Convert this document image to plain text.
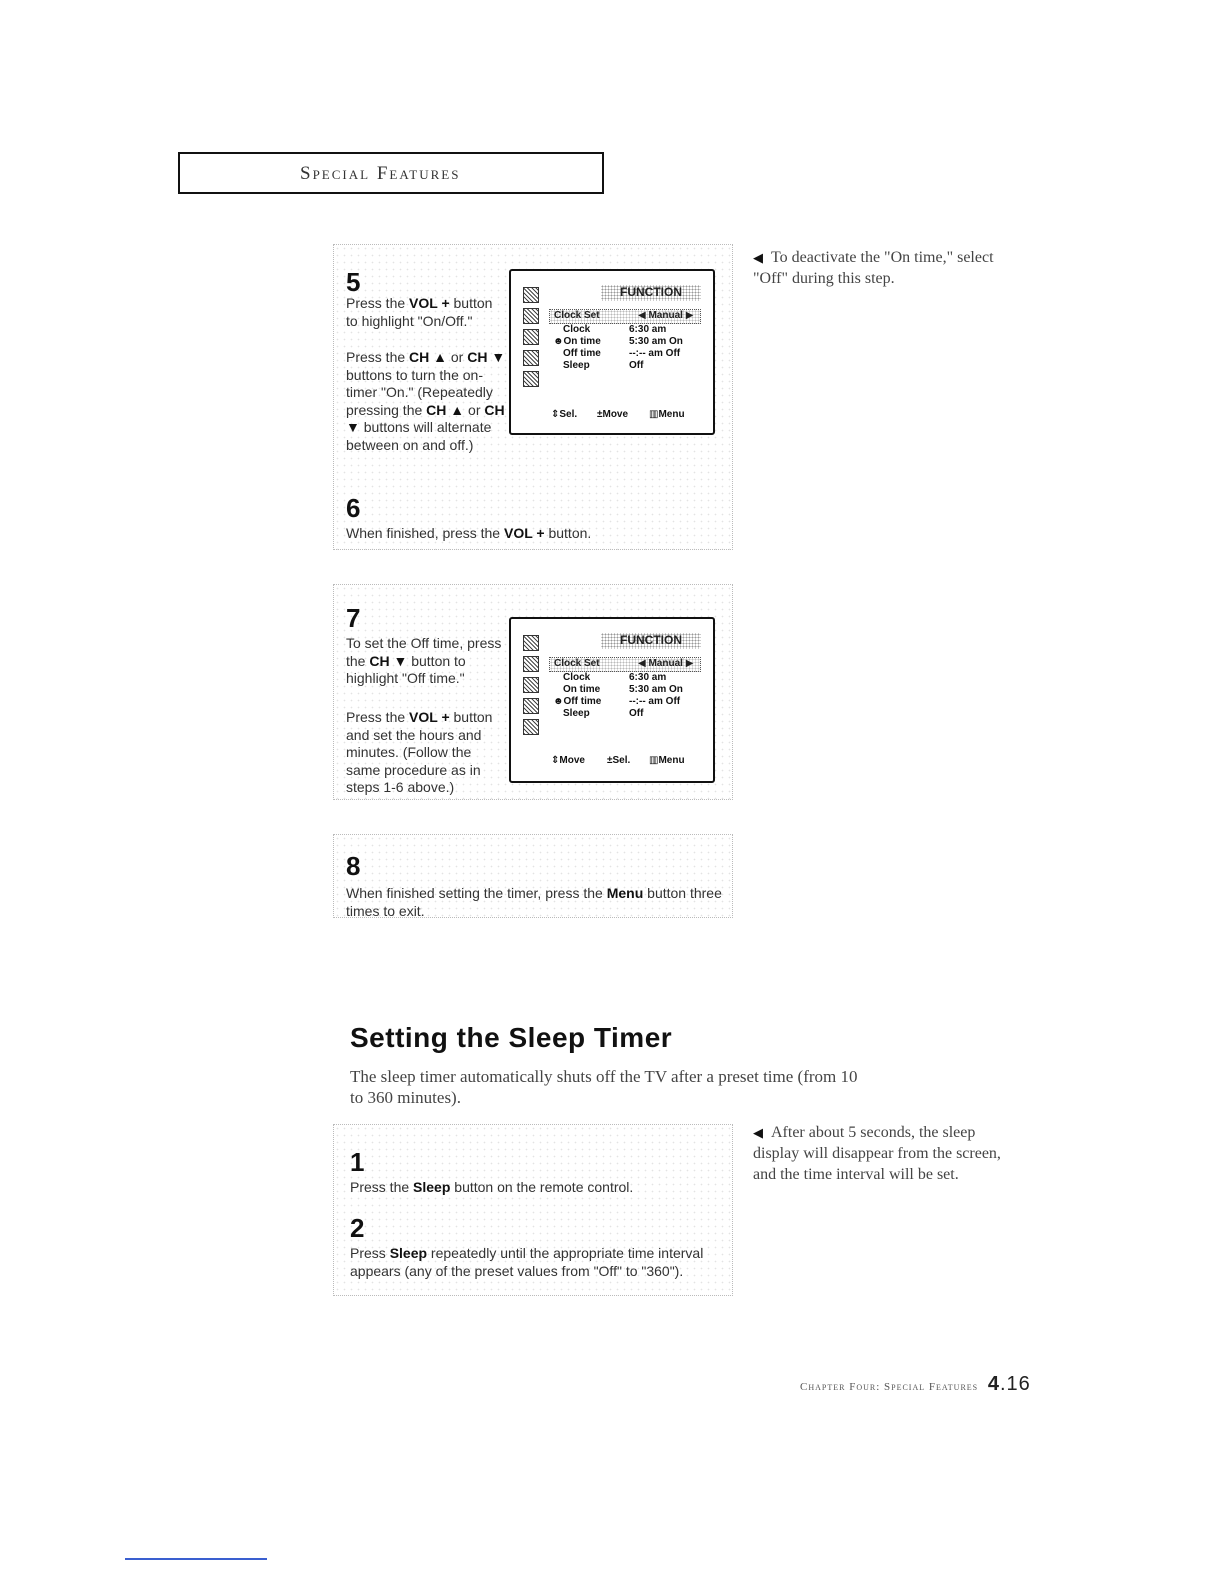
Special Features
5
Press the VOL + button to highlight "On/Off."
Press the CH ▲ or CH ▼ buttons to turn the on-timer "On." (Repeatedly pressing the CH ▲ or CH ▼ buttons will alternate between on and off.)
6
When finished, press the VOL + button.
FUNCTION
Clock Set	◀ Manual ▶
Clock	6:30 am
☻On time	5:30 am On
Off time	--:-- am Off
Sleep	Off
⇕Sel. ±Move ▥Menu
◀ To deactivate the "On time," select "Off" during this step.
7
To set the Off time, press the CH ▼ button to highlight "Off time."
Press the VOL + button and set the hours and minutes. (Follow the same procedure as in steps 1-6 above.)
FUNCTION
Clock Set	◀ Manual ▶
Clock	6:30 am
On time	5:30 am On
☻Off time	--:-- am Off
Sleep	Off
⇕Move ±Sel. ▥Menu
8
When finished setting the timer, press the Menu button three times to exit.
Setting the Sleep Timer
The sleep timer automatically shuts off the TV after a preset time (from 10 to 360 minutes).
1
Press the Sleep button on the remote control.
2
Press Sleep repeatedly until the appropriate time interval appears (any of the preset values from "Off" to "360").
◀ After about 5 seconds, the sleep display will disappear from the screen, and the time interval will be set.
Chapter Four: Special Features 4.16
